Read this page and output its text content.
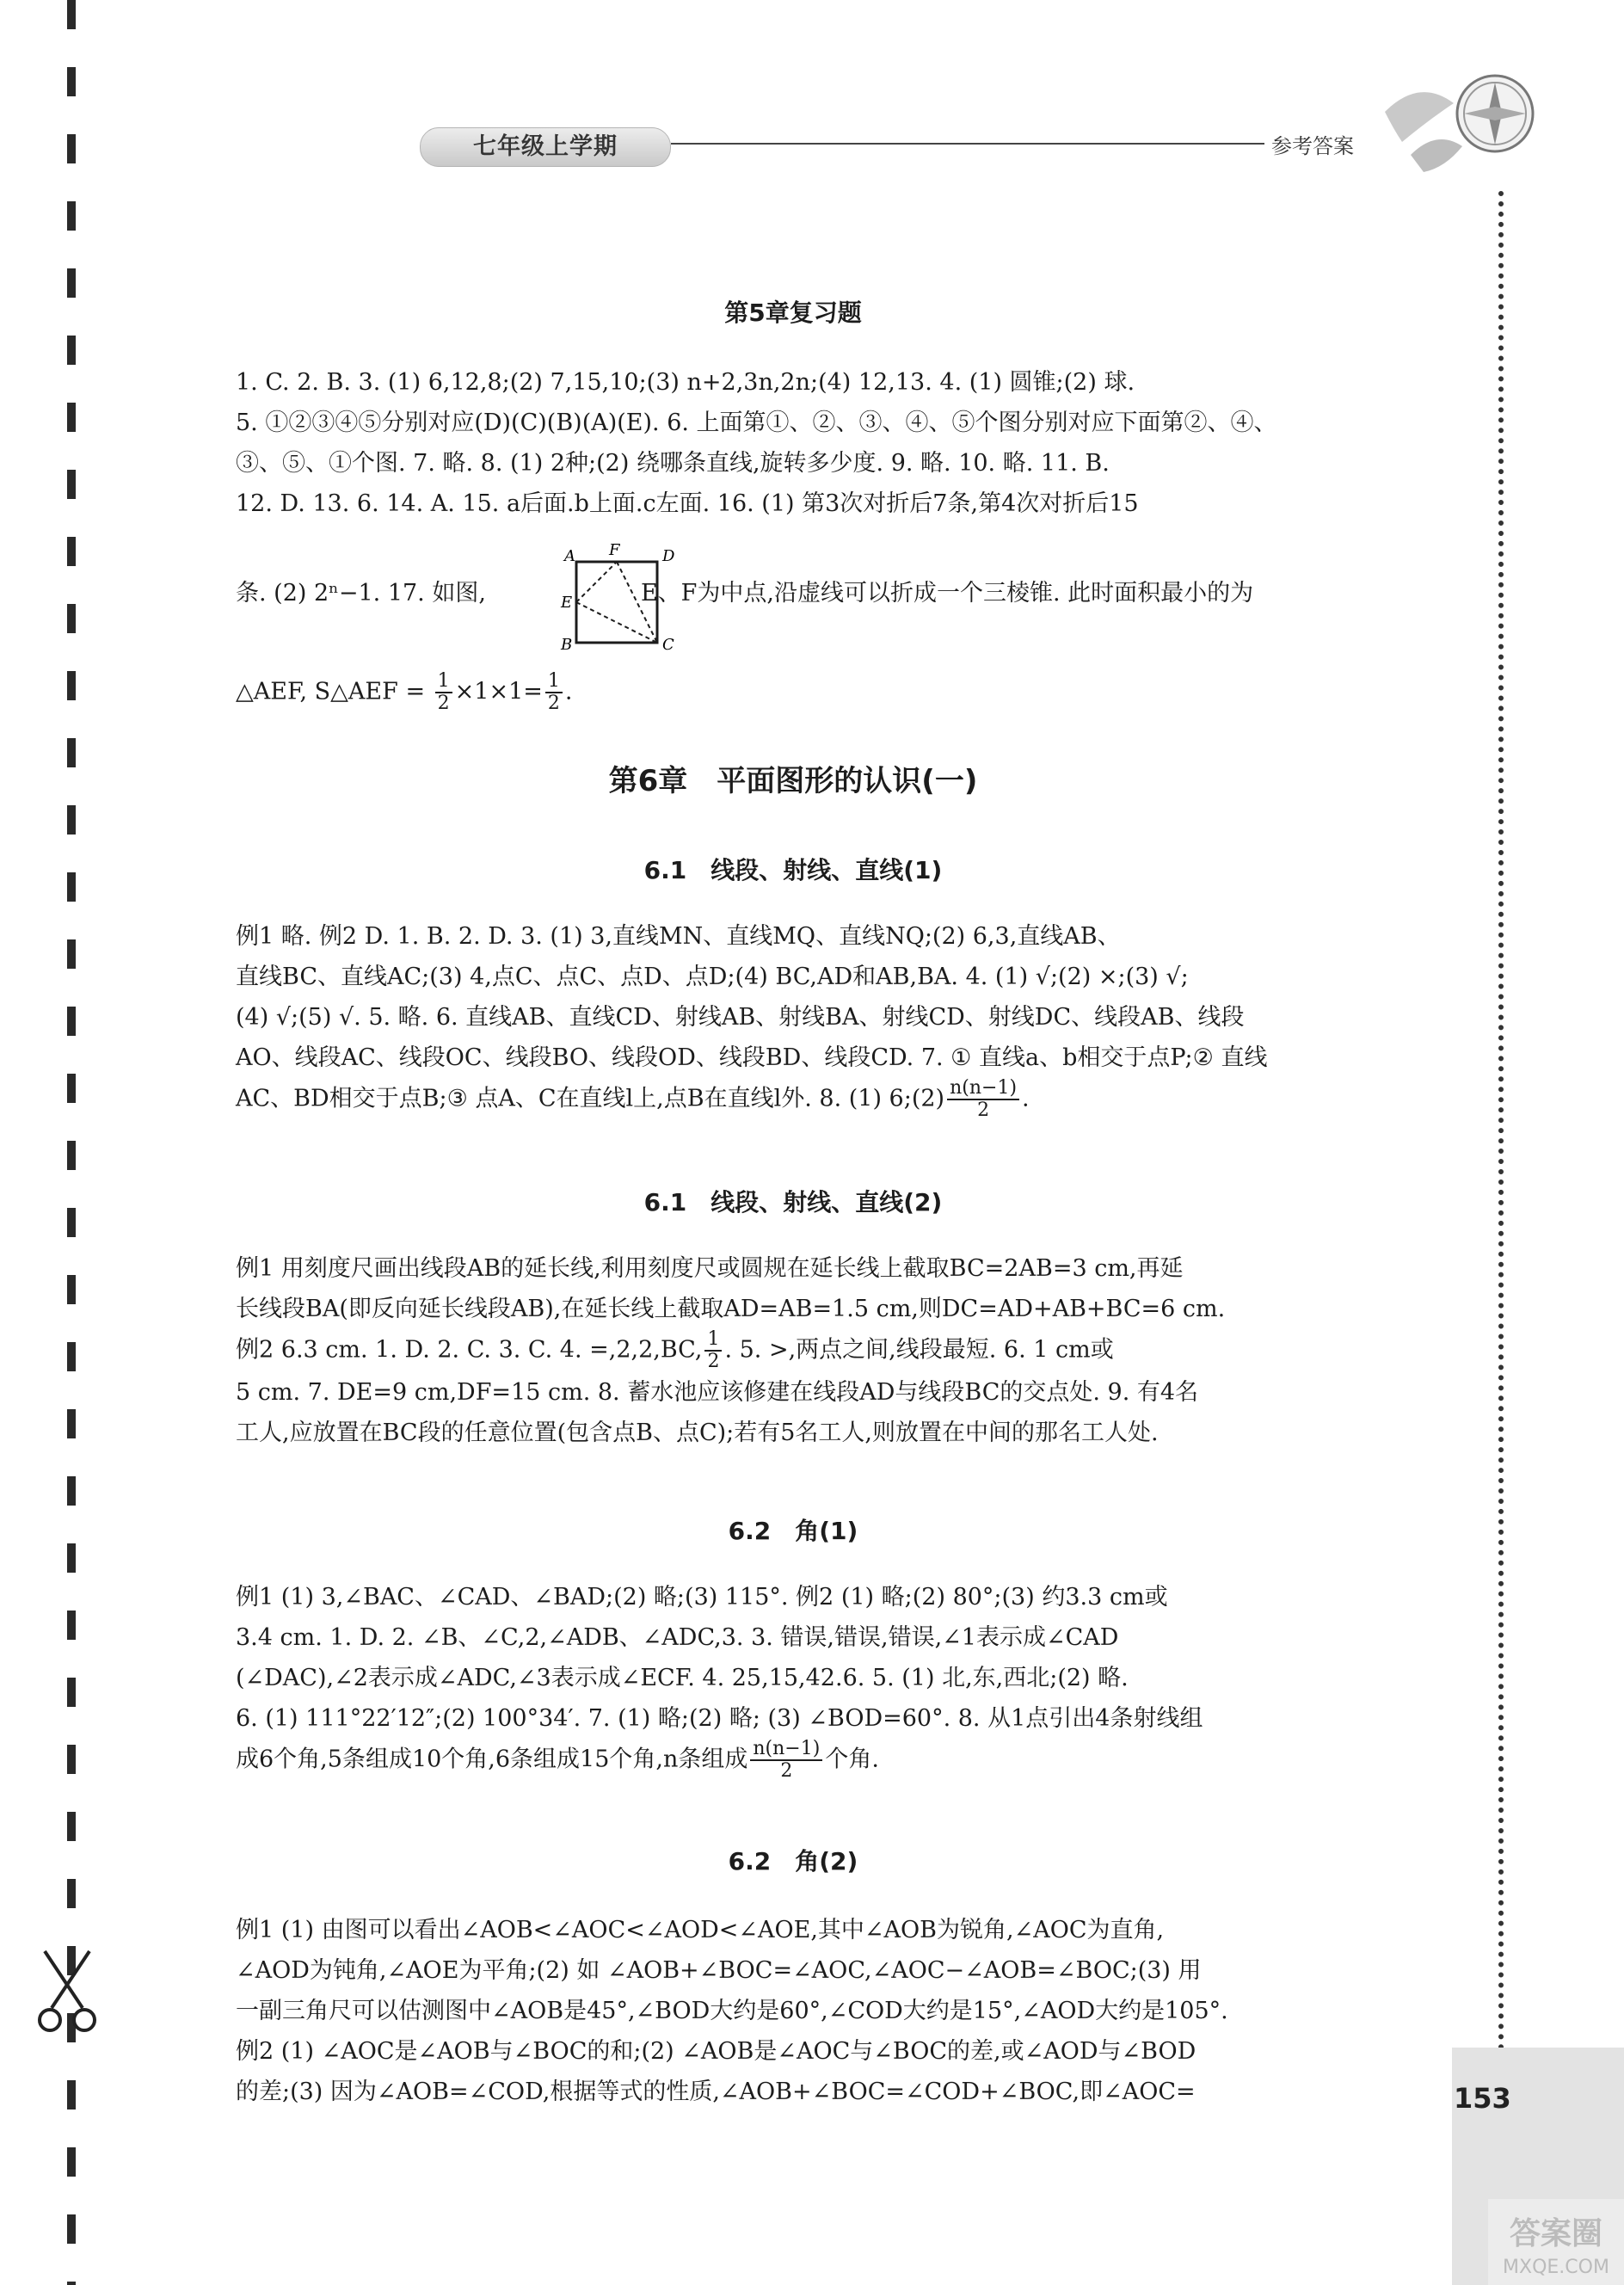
七年级上学期	参考答案
153
答案圈
MXQE.COM
第5章复习题
1. C. 2. B. 3. (1) 6,12,8;(2) 7,15,10;(3) n+2,3n,2n;(4) 12,13. 4. (1) 圆锥;(2) 球.
5. ①②③④⑤分别对应(D)(C)(B)(A)(E). 6. 上面第①、②、③、④、⑤个图分别对应下面第②、④、
③、⑤、①个图. 7. 略. 8. (1) 2种;(2) 绕哪条直线,旋转多少度. 9. 略. 10. 略. 11. B.
12. D. 13. 6. 14. A. 15. a后面.b上面.c左面. 16. (1) 第3次对折后7条,第4次对折后15
条. (2) 2ⁿ−1. 17. 如图,	E、F为中点,沿虚线可以折成一个三棱锥. 此时面积最小的为
A F	D
E
B	C
△AEF, S△AEF = $\frac{1}{2} \times 1\times 1= \frac{1}{2}$ .
第6章　平面图形的认识(一)
6.1　线段、射线、直线(1)
例1 略. 例2 D. 1. B. 2. D. 3. (1) 3,直线MN、直线MQ、直线NQ;(2) 6,3,直线AB、
直线BC、直线AC;(3) 4,点C、点C、点D、点D;(4) BC,AD和AB,BA. 4. (1) √;(2) ×;(3) √;
(4) √;(5) √. 5. 略. 6. 直线AB、直线CD、射线AB、射线BA、射线CD、射线DC、线段AB、线段
AO、线段AC、线段OC、线段BO、线段OD、线段BD、线段CD. 7. ① 直线a、b相交于点P;② 直线
AC、BD相交于点B;③ 点A、C在直线l上,点B在直线l外. 8. (1) 6;(2) $\frac{n(n-1)}{2}$ .
6.1　线段、射线、直线(2)
例1 用刻度尺画出线段AB的延长线,利用刻度尺或圆规在延长线上截取BC=2AB=3 cm,再延
长线段BA(即反向延长线段AB),在延长线上截取AD=AB=1.5 cm,则DC=AD+AB+BC=6 cm.
例2 6.3 cm. 1. D. 2. C. 3. C. 4. =,2,2,BC, $\frac{1}{2}$ . 5. >,两点之间,线段最短. 6. 1 cm或
5 cm. 7. DE=9 cm,DF=15 cm. 8. 蓄水池应该修建在线段AD与线段BC的交点处. 9. 有4名
工人,应放置在BC段的任意位置(包含点B、点C);若有5名工人,则放置在中间的那名工人处.
6.2　角(1)
例1 (1) 3,∠BAC、∠CAD、∠BAD;(2) 略;(3) 115°. 例2 (1) 略;(2) 80°;(3) 约3.3 cm或
3.4 cm. 1. D. 2. ∠B、∠C,2,∠ADB、∠ADC,3. 3. 错误,错误,错误,∠1表示成∠CAD
(∠DAC),∠2表示成∠ADC,∠3表示成∠ECF. 4. 25,15,42.6. 5. (1) 北,东,西北;(2) 略.
6. (1) 111°22′12″;(2) 100°34′. 7. (1) 略;(2) 略; (3) ∠BOD=60°. 8. 从1点引出4条射线组
成6个角,5条组成10个角,6条组成15个角,n条组成 $\frac{n(n-1)}{2}$ 个角.
6.2　角(2)
例1 (1) 由图可以看出∠AOB<∠AOC<∠AOD<∠AOE,其中∠AOB为锐角,∠AOC为直角,
∠AOD为钝角,∠AOE为平角;(2) 如 ∠AOB+∠BOC=∠AOC,∠AOC−∠AOB=∠BOC;(3) 用
一副三角尺可以估测图中∠AOB是45°,∠BOD大约是60°,∠COD大约是15°,∠AOD大约是105°.
例2 (1) ∠AOC是∠AOB与∠BOC的和;(2) ∠AOB是∠AOC与∠BOC的差,或∠AOD与∠BOD
的差;(3) 因为∠AOB=∠COD,根据等式的性质,∠AOB+∠BOC=∠COD+∠BOC,即∠AOC=
